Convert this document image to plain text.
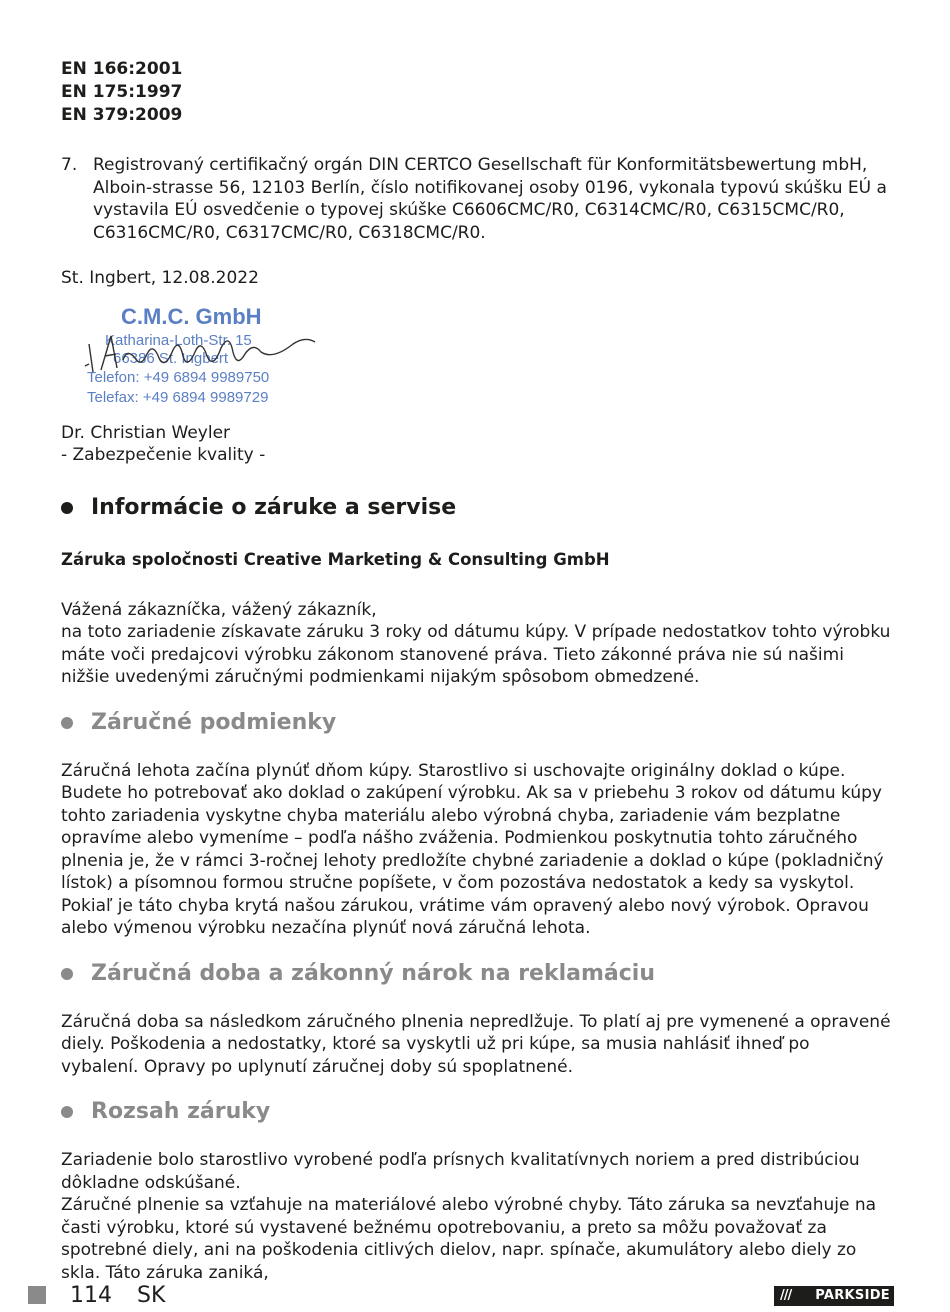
EN 166:2001
EN 175:1997
EN 379:2009
7. Registrovaný certifikačný orgán DIN CERTCO Gesellschaft für Konformitätsbewertung mbH, Alboin-strasse 56, 12103 Berlín, číslo notifikovanej osoby 0196, vykonala typovú skúšku EÚ a vystavila EÚ osvedčenie o typovej skúške C6606CMC/R0, C6314CMC/R0, C6315CMC/R0, C6316CMC/R0, C6317CMC/R0, C6318CMC/R0.

St. Ingbert, 12.08.2022

C.M.C. GmbH
Katharina-Loth-Str. 15
66386 St. Ingbert
Telefon: +49 6894 9989750
Telefax: +49 6894 9989729

Dr. Christian Weyler

- Zabezpečenie kvality -

Informácie o záruke a servise
Záruka spoločnosti Creative Marketing & Consulting GmbH

Vážená zákazníčka, vážený zákazník,

na toto zariadenie získavate záruku 3 roky od dátumu kúpy. V prípade nedostatkov tohto výrobku máte voči predajcovi výrobku zákonom stanovené práva. Tieto zákonné práva nie sú našimi nižšie uvedenými záručnými podmienkami nijakým spôsobom obmedzené.

Záručné podmienky

Záručná lehota začína plynúť dňom kúpy. Starostlivo si uschovajte originálny doklad o kúpe. Budete ho potrebovať ako doklad o zakúpení výrobku. Ak sa v priebehu 3 rokov od dátumu kúpy tohto zariadenia vyskytne chyba materiálu alebo výrobná chyba, zariadenie vám bezplatne opravíme alebo vymeníme – podľa nášho zváženia. Podmienkou poskytnutia tohto záručného plnenia je, že v rámci 3-ročnej lehoty predložíte chybné zariadenie a doklad o kúpe (pokladničný lístok) a písomnou formou stručne popíšete, v čom pozostáva nedostatok a kedy sa vyskytol.

Pokiaľ je táto chyba krytá našou zárukou, vrátime vám opravený alebo nový výrobok. Opravou alebo výmenou výrobku nezačína plynúť nová záručná lehota.

Záručná doba a zákonný nárok na reklamáciu

Záručná doba sa následkom záručného plnenia nepredlžuje. To platí aj pre vymenené a opravené diely. Poškodenia a nedostatky, ktoré sa vyskytli už pri kúpe, sa musia nahlásiť ihneď po vybalení. Opravy po uplynutí záručnej doby sú spoplatnené.

Rozsah záruky

Zariadenie bolo starostlivo vyrobené podľa prísnych kvalitatívnych noriem a pred distribúciou dôkladne odskúšané.

Záručné plnenie sa vzťahuje na materiálové alebo výrobné chyby. Táto záruka sa nevzťahuje na časti výrobku, ktoré sú vystavené bežnému opotrebovaniu, a preto sa môžu považovať za spotrebné diely, ani na poškodenia citlivých dielov, napr. spínače, akumulátory alebo diely zo skla. Táto záruka zaniká,

114 SK	/// PARKSIDE
